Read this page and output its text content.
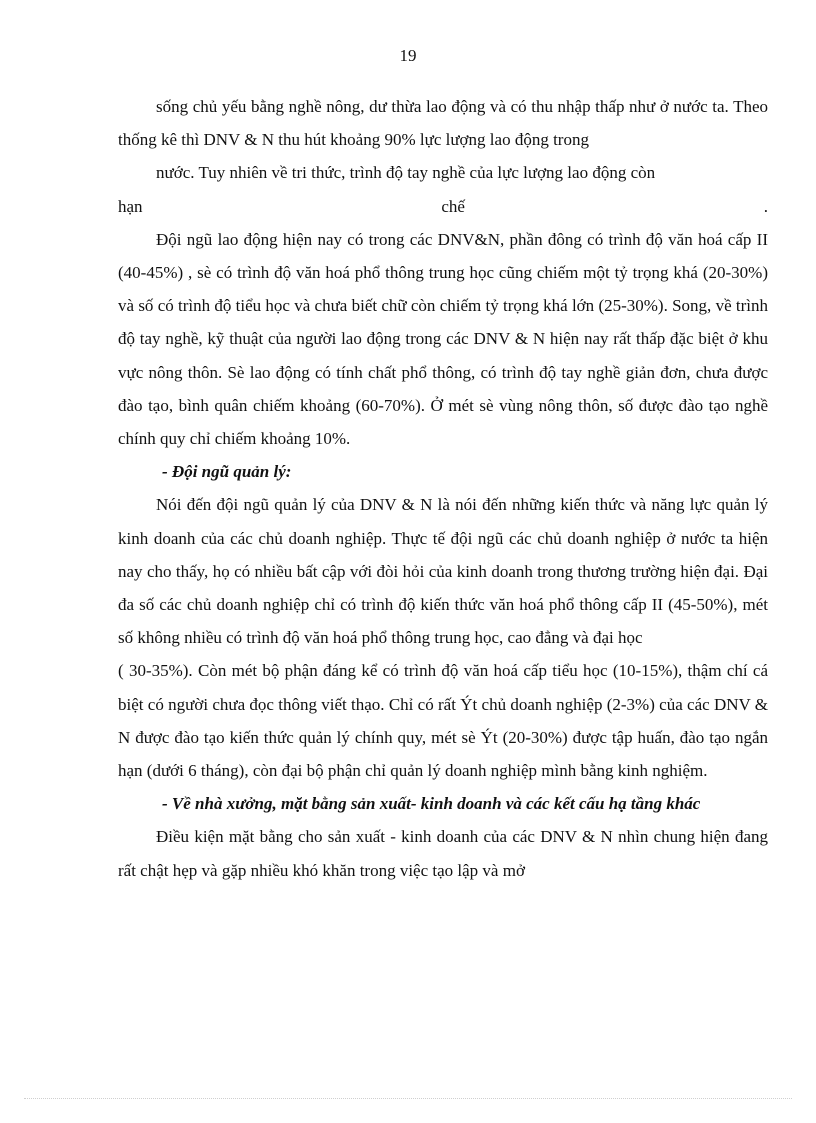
19

sống chủ yếu bằng nghề nông, dư thừa lao động và có thu nhập thấp như ở nước ta. Theo thống kê thì DNV & N thu hút khoảng 90% lực lượng lao động trong

nước. Tuy nhiên về tri thức, trình độ tay nghề của lực lượng lao động còn

hạn	chế	.

Đội ngũ lao động hiện nay có trong các DNV&N, phần đông có trình độ văn hoá cấp II (40-45%) , sè có trình độ văn hoá phổ thông trung học cũng chiếm một tỷ trọng khá (20-30%) và số có trình độ tiểu học và chưa biết chữ còn chiếm tỷ trọng khá lớn (25-30%). Song, về trình độ tay nghề, kỹ thuật của người lao động trong các DNV & N hiện nay rất thấp đặc biệt ở khu vực nông thôn. Sè lao động có tính chất phổ thông, có trình độ tay nghề giản đơn, chưa được đào tạo, bình quân chiếm khoảng (60-70%). Ở mét sè vùng nông thôn, số được đào tạo nghề chính quy chỉ chiếm khoảng 10%.

- Đội ngũ quản lý:

Nói đến đội ngũ quản lý của DNV & N là nói đến những kiến thức và năng lực quản lý kinh doanh của các chủ doanh nghiệp. Thực tế đội ngũ các chủ doanh nghiệp ở nước ta hiện nay cho thấy, họ có nhiều bất cập với đòi hỏi của kinh doanh trong thương trường hiện đại. Đại đa số các chủ doanh nghiệp chỉ có trình độ kiến thức văn hoá phổ thông cấp II (45-50%), mét số không nhiều có trình độ văn hoá phổ thông trung học, cao đẳng và đại học

( 30-35%). Còn mét bộ phận đáng kể có trình độ văn hoá cấp tiểu học (10-15%), thậm chí cá biệt có người chưa đọc thông viết thạo. Chỉ có rất Ýt chủ doanh nghiệp (2-3%) của các DNV & N được đào tạo kiến thức quản lý chính quy, mét sè Ýt (20-30%) được tập huấn, đào tạo ngắn hạn (dưới 6 tháng), còn đại bộ phận chỉ quản lý doanh nghiệp mình bằng kinh nghiệm.

- Về nhà xưởng, mặt bằng sản xuất- kinh doanh và các kết cấu hạ tầng khác

Điều kiện mặt bằng cho sản xuất - kinh doanh của các DNV & N nhìn chung hiện đang rất chật hẹp và gặp nhiều khó khăn trong việc tạo lập và mở
